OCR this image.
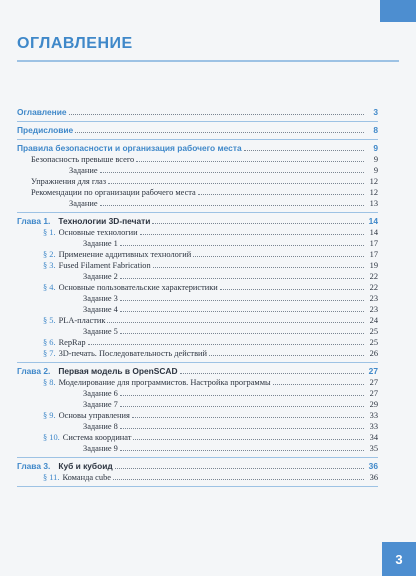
ОГЛАВЛЕНИЕ
Оглавление	3
Предисловие	8
Правила безопасности и организация рабочего места	9
Безопасность превыше всего	9
Задание	9
Упражнения для глаз	12
Рекомендации по организации рабочего места	12
Задание	13
Глава 1. Технологии 3D-печати	14
§ 1. Основные технологии	14
Задание 1	17
§ 2. Применение аддитивных технологий	17
§ 3. Fused Filament Fabrication	19
Задание 2	22
§ 4. Основные пользовательские характеристики	22
Задание 3	23
Задание 4	23
§ 5. PLA-пластик	24
Задание 5	25
§ 6. RepRap	25
§ 7. 3D-печать. Последовательность действий	26
Глава 2. Первая модель в OpenSCAD	27
§ 8. Моделирование для программистов. Настройка программы	27
Задание 6	27
Задание 7	29
§ 9. Основы управления	33
Задание 8	33
§ 10. Система координат	34
Задание 9	35
Глава 3. Куб и кубоид	36
§ 11. Команда cube	36
3
